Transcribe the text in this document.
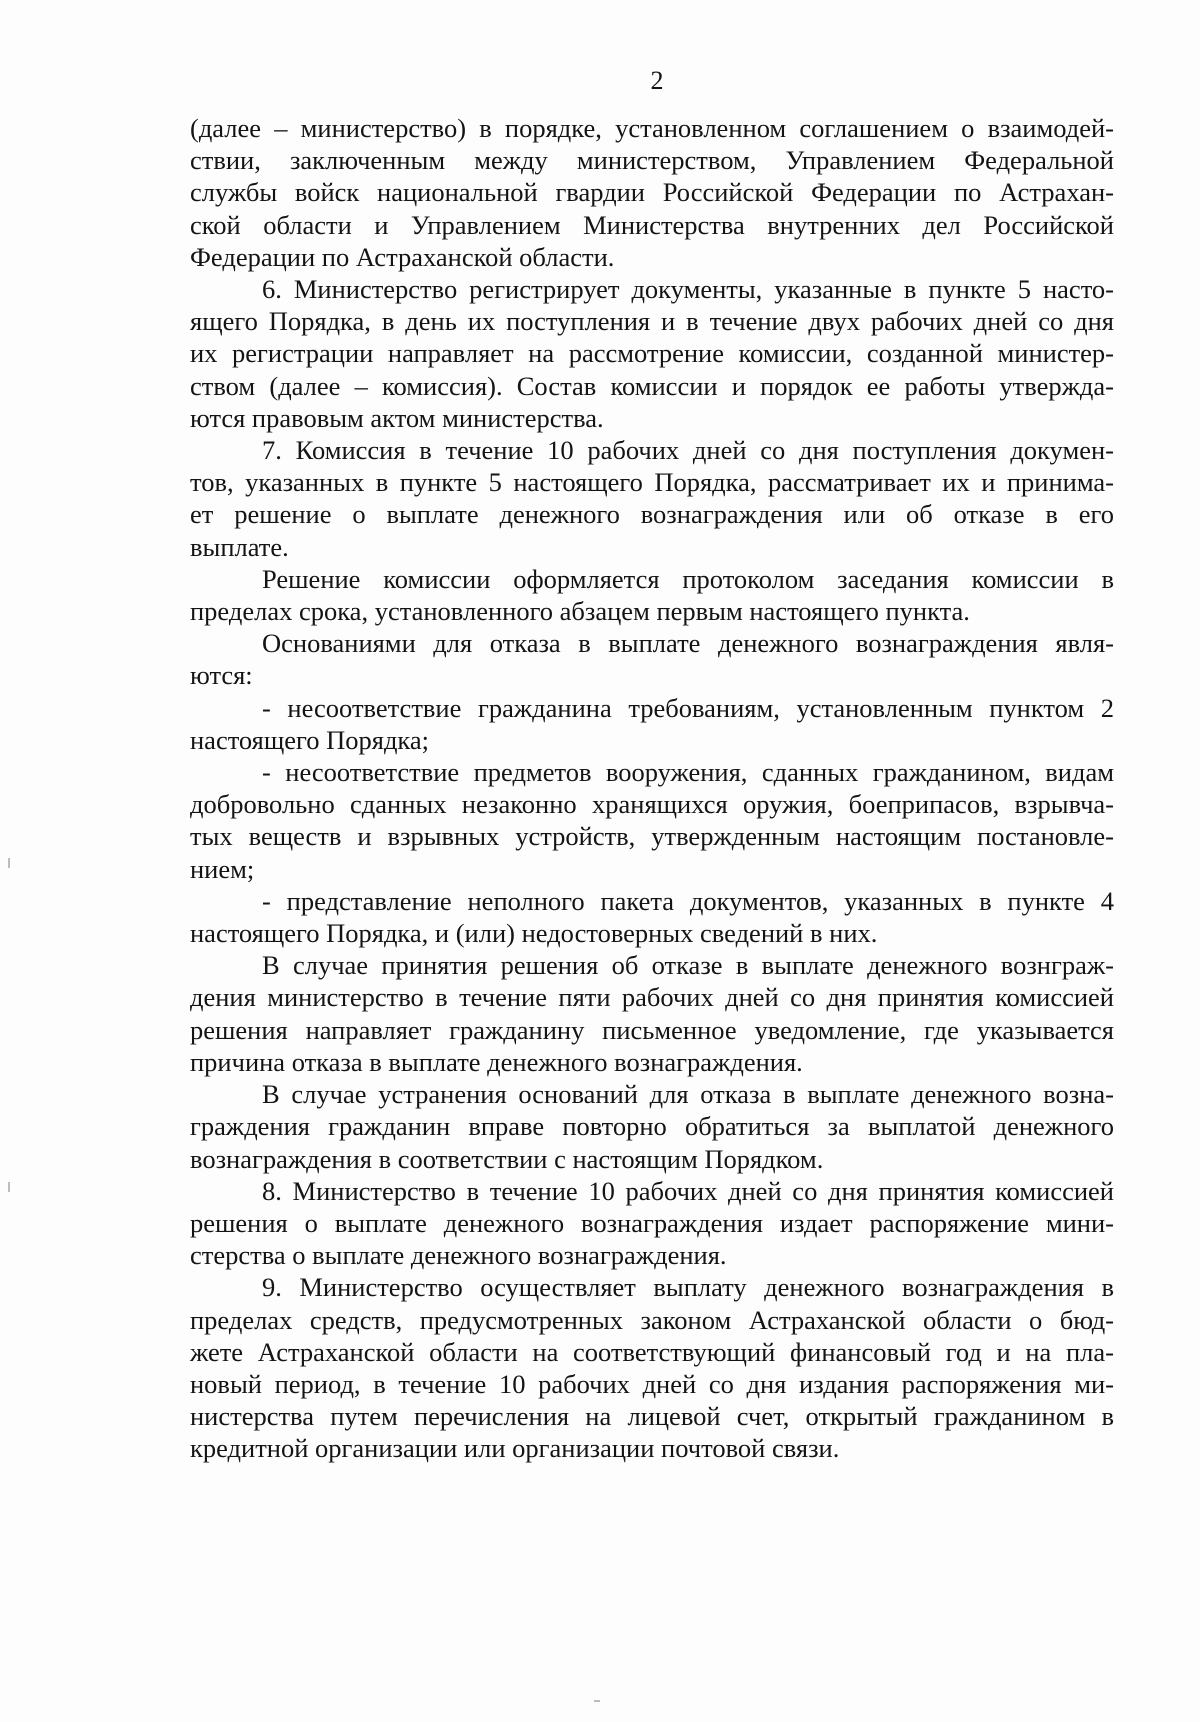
2

(далее – министерство) в порядке, установленном соглашением о взаимодей-
ствии, заключенным между министерством, Управлением Федеральной
службы войск национальной гвардии Российской Федерации по Астрахан-
ской области и Управлением Министерства внутренних дел Российской
Федерации по Астраханской области.

6. Министерство регистрирует документы, указанные в пункте 5 насто-
ящего Порядка, в день их поступления и в течение двух рабочих дней со дня
их регистрации направляет на рассмотрение комиссии, созданной министер-
ством (далее – комиссия). Состав комиссии и порядок ее работы утвержда-
ются правовым актом министерства.

7. Комиссия в течение 10 рабочих дней со дня поступления докумен-
тов, указанных в пункте 5 настоящего Порядка, рассматривает их и принима-
ет решение о выплате денежного вознаграждения или об отказе в его
выплате.

Решение комиссии оформляется протоколом заседания комиссии в
пределах срока, установленного абзацем первым настоящего пункта.

Основаниями для отказа в выплате денежного вознаграждения явля-
ются:

- несоответствие гражданина требованиям, установленным пунктом 2
настоящего Порядка;

- несоответствие предметов вооружения, сданных гражданином, видам
добровольно сданных незаконно хранящихся оружия, боеприпасов, взрывча-
тых веществ и взрывных устройств, утвержденным настоящим постановле-
нием;

- представление неполного пакета документов, указанных в пункте 4
настоящего Порядка, и (или) недостоверных сведений в них.

В случае принятия решения об отказе в выплате денежного вознграж-
дения министерство в течение пяти рабочих дней со дня принятия комиссией
решения направляет гражданину письменное уведомление, где указывается
причина отказа в выплате денежного вознаграждения.

В случае устранения оснований для отказа в выплате денежного возна-
граждения гражданин вправе повторно обратиться за выплатой денежного
вознаграждения в соответствии с настоящим Порядком.

8. Министерство в течение 10 рабочих дней со дня принятия комиссией
решения о выплате денежного вознаграждения издает распоряжение мини-
стерства о выплате денежного вознаграждения.

9. Министерство осуществляет выплату денежного вознаграждения в
пределах средств, предусмотренных законом Астраханской области о бюд-
жете Астраханской области на соответствующий финансовый год и на пла-
новый период, в течение 10 рабочих дней со дня издания распоряжения ми-
нистерства путем перечисления на лицевой счет, открытый гражданином в
кредитной организации или организации почтовой связи.
